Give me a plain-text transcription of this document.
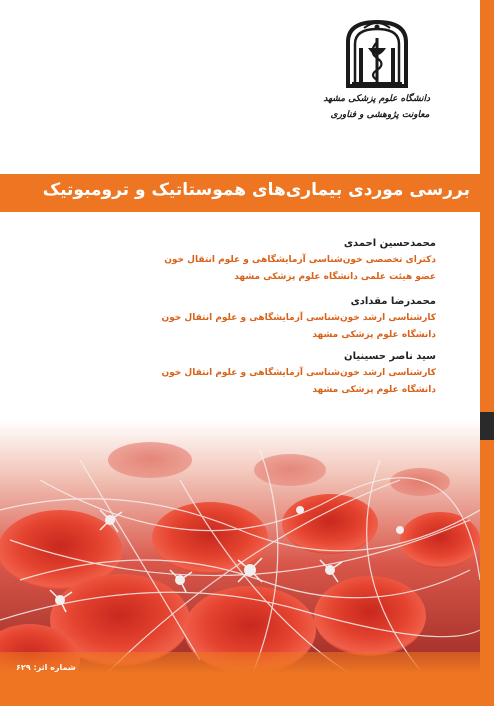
دانشگاه علوم پزشکی مشهد
معاونت پژوهشی و فناوری
بررسی موردی بیماری‌های هموستاتیک و ترومبوتیک
محمدحسین احمدی
دکترای تخصصی خون‌شناسی آزمایشگاهی و علوم انتقال خون
عضو هیئت علمی دانشگاه علوم پزشکی مشهد
محمدرضا مقدادی
کارشناسی ارشد خون‌شناسی آزمایشگاهی و علوم انتقال خون
دانشگاه علوم پزشکی مشهد
سید ناصر حسینیان
کارشناسی ارشد خون‌شناسی آزمایشگاهی و علوم انتقال خون
دانشگاه علوم پزشکی مشهد
شماره اثر: ۶۲۹
